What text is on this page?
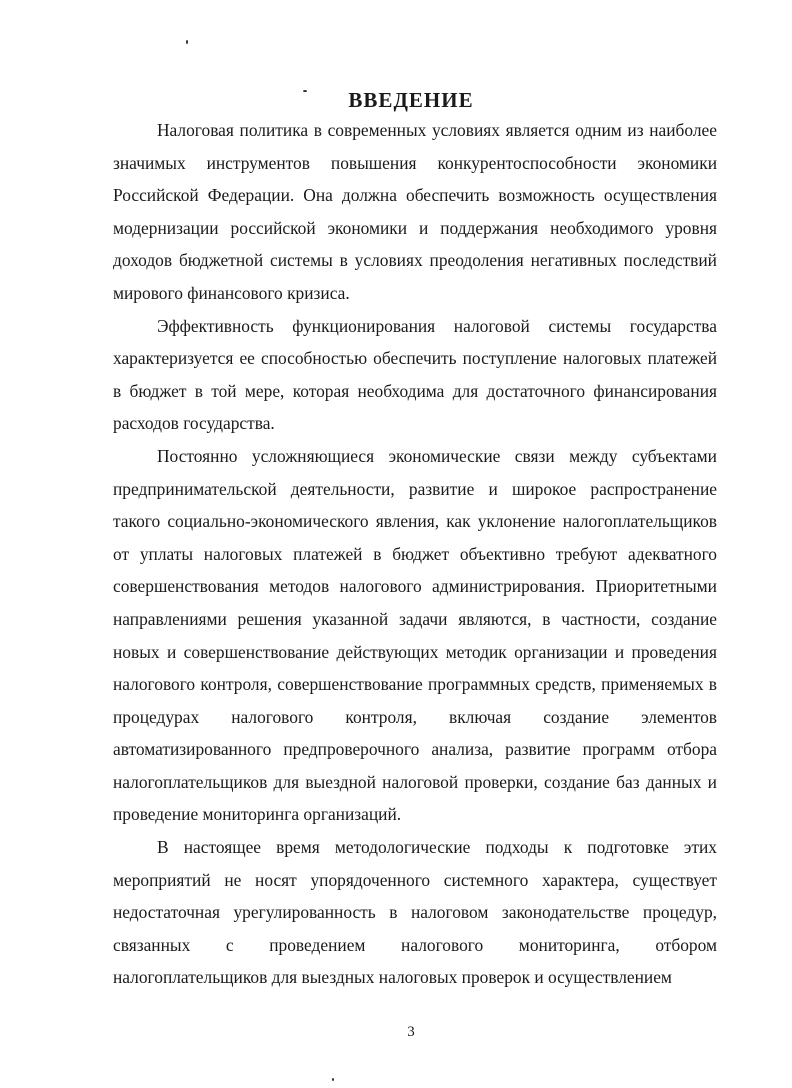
ВВЕДЕНИЕ

Налоговая политика в современных условиях является одним из наиболее значимых инструментов повышения конкурентоспособности экономики Российской Федерации. Она должна обеспечить возможность осуществления модернизации российской экономики и поддержания необходимого уровня доходов бюджетной системы в условиях преодоления негативных последствий мирового финансового кризиса.

Эффективность функционирования налоговой системы государства характеризуется ее способностью обеспечить поступление налоговых платежей в бюджет в той мере, которая необходима для достаточного финансирования расходов государства.

Постоянно усложняющиеся экономические связи между субъектами предпринимательской деятельности, развитие и широкое распространение такого социально-экономического явления, как уклонение налогоплательщиков от уплаты налоговых платежей в бюджет объективно требуют адекватного совершенствования методов налогового администрирования. Приоритетными направлениями решения указанной задачи являются, в частности, создание новых и совершенствование действующих методик организации и проведения налогового контроля, совершенствование программных средств, применяемых в процедурах налогового контроля, включая создание элементов автоматизированного предпроверочного анализа, развитие программ отбора налогоплательщиков для выездной налоговой проверки, создание баз данных и проведение мониторинга организаций.

В настоящее время методологические подходы к подготовке этих мероприятий не носят упорядоченного системного характера, существует недостаточная урегулированность в налоговом законодательстве процедур, связанных с проведением налогового мониторинга, отбором налогоплательщиков для выездных налоговых проверок и осуществлением

3
